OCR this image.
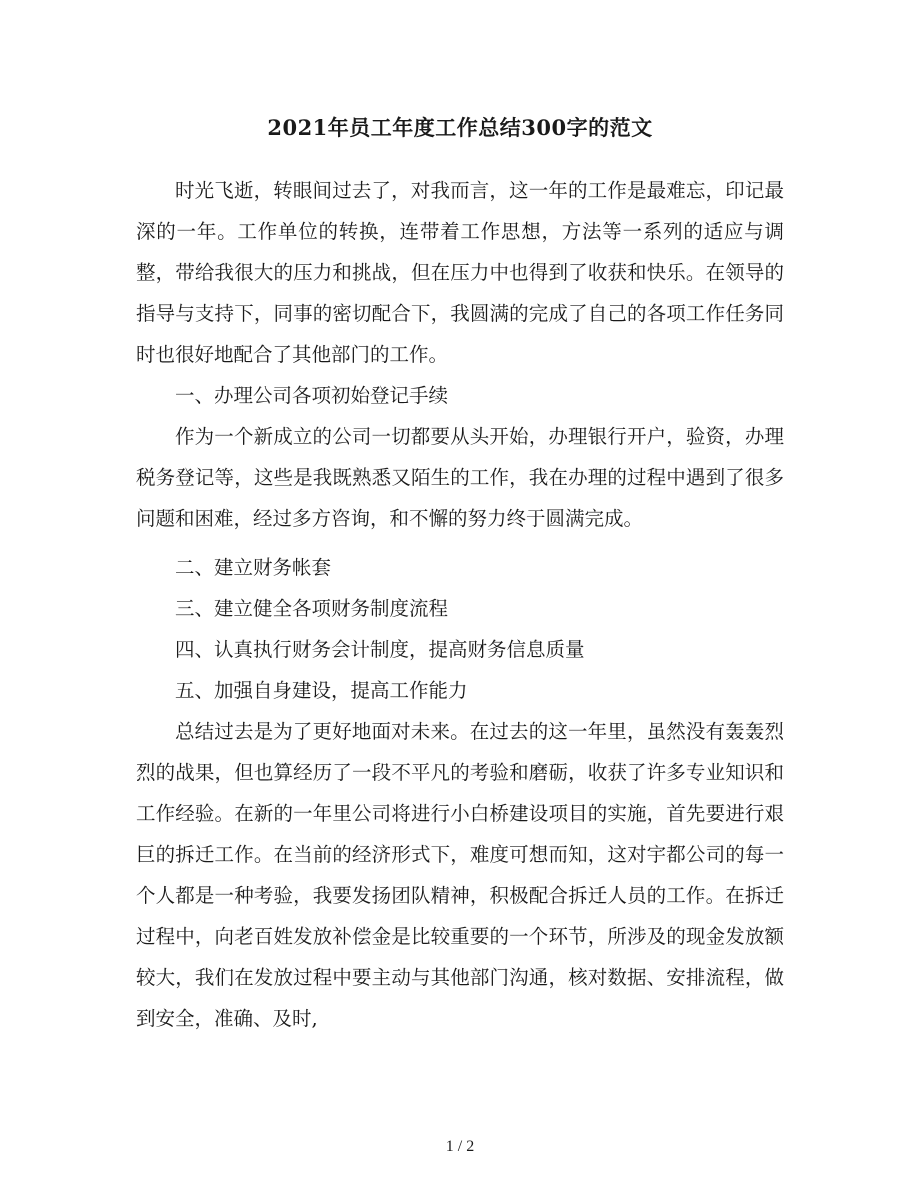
2021年员工年度工作总结300字的范文

时光飞逝，转眼间过去了，对我而言，这一年的工作是最难忘，印记最深的一年。工作单位的转换，连带着工作思想，方法等一系列的适应与调整，带给我很大的压力和挑战，但在压力中也得到了收获和快乐。在领导的指导与支持下，同事的密切配合下，我圆满的完成了自己的各项工作任务同时也很好地配合了其他部门的工作。

一、办理公司各项初始登记手续

作为一个新成立的公司一切都要从头开始，办理银行开户，验资，办理税务登记等，这些是我既熟悉又陌生的工作，我在办理的过程中遇到了很多问题和困难，经过多方咨询，和不懈的努力终于圆满完成。

二、建立财务帐套

三、建立健全各项财务制度流程

四、认真执行财务会计制度，提高财务信息质量

五、加强自身建设，提高工作能力

总结过去是为了更好地面对未来。在过去的这一年里，虽然没有轰轰烈烈的战果，但也算经历了一段不平凡的考验和磨砺，收获了许多专业知识和工作经验。在新的一年里公司将进行小白桥建设项目的实施，首先要进行艰巨的拆迁工作。在当前的经济形式下，难度可想而知，这对宇都公司的每一个人都是一种考验，我要发扬团队精神，积极配合拆迁人员的工作。在拆迁过程中，向老百姓发放补偿金是比较重要的一个环节，所涉及的现金发放额较大，我们在发放过程中要主动与其他部门沟通，核对数据、安排流程，做到安全，准确、及时,

1 / 2
